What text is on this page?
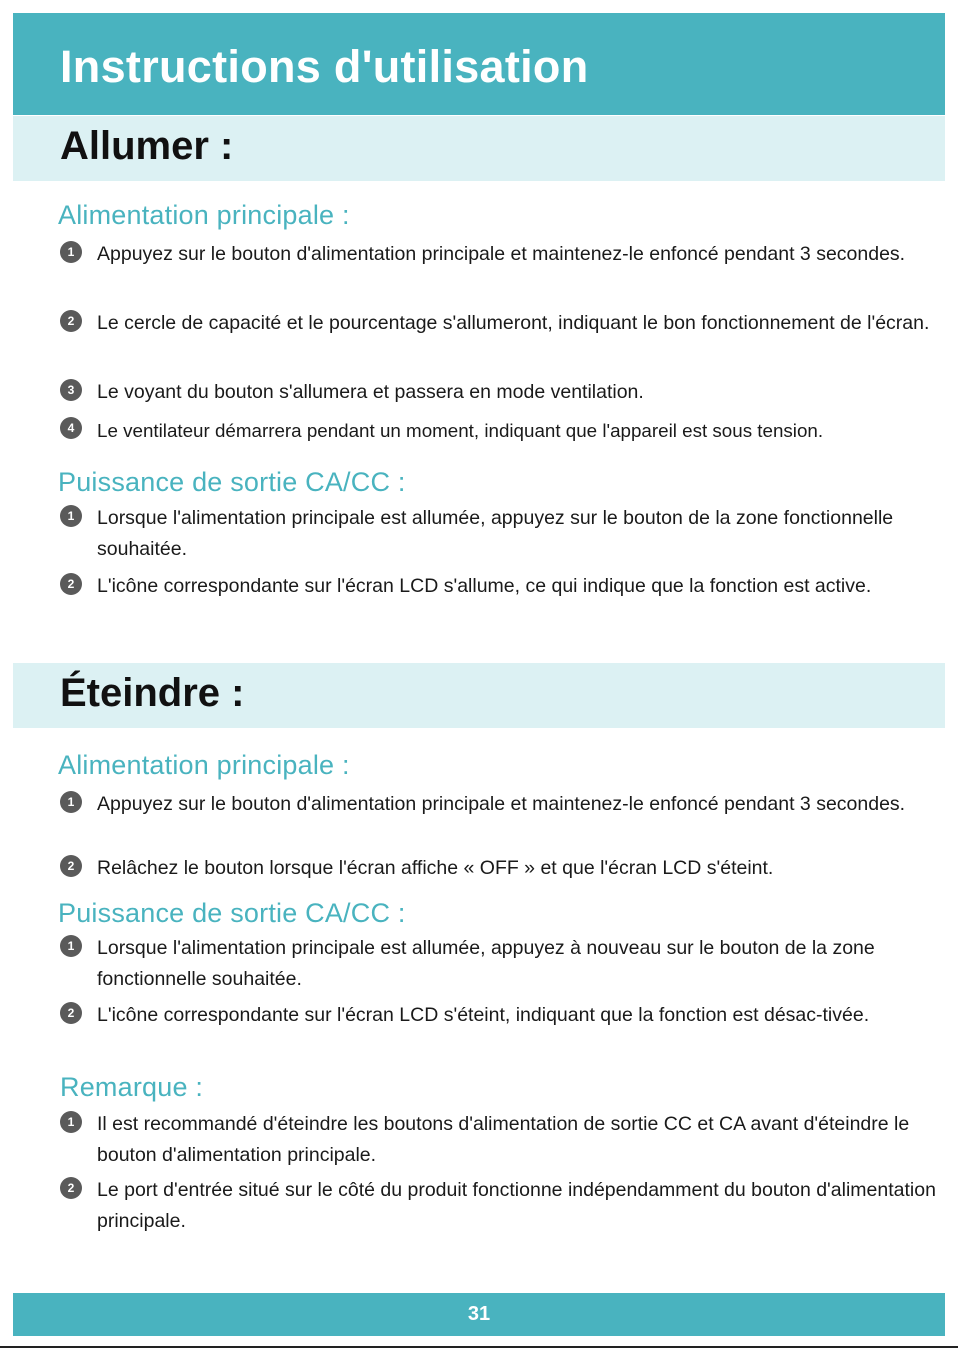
Instructions d'utilisation
Allumer :
Alimentation principale :
1	Appuyez sur le bouton d'alimentation principale et maintenez-le enfoncé pendant 3 secondes.
2	Le cercle de capacité et le pourcentage s'allumeront, indiquant le bon fonctionnement de l'écran.
3	Le voyant du bouton s'allumera et passera en mode ventilation.
4	Le ventilateur démarrera pendant un moment, indiquant que l'appareil est sous tension.
Puissance de sortie CA/CC :
1	Lorsque l'alimentation principale est allumée, appuyez sur le bouton de la zone fonctionnelle souhaitée.
2	L'icône correspondante sur l'écran LCD s'allume, ce qui indique que la fonction est active.
Éteindre :
Alimentation principale :
1	Appuyez sur le bouton d'alimentation principale et maintenez-le enfoncé pendant 3 secondes.
2	Relâchez le bouton lorsque l'écran affiche « OFF » et que l'écran LCD s'éteint.
Puissance de sortie CA/CC :
1	Lorsque l'alimentation principale est allumée, appuyez à nouveau sur le bouton de la zone fonctionnelle souhaitée.
2	L'icône correspondante sur l'écran LCD s'éteint, indiquant que la fonction est désac-tivée.
Remarque :
1	Il est recommandé d'éteindre les boutons d'alimentation de sortie CC et CA avant d'éteindre le bouton d'alimentation principale.
2	Le port d'entrée situé sur le côté du produit fonctionne indépendamment du bouton d'alimentation principale.
31
